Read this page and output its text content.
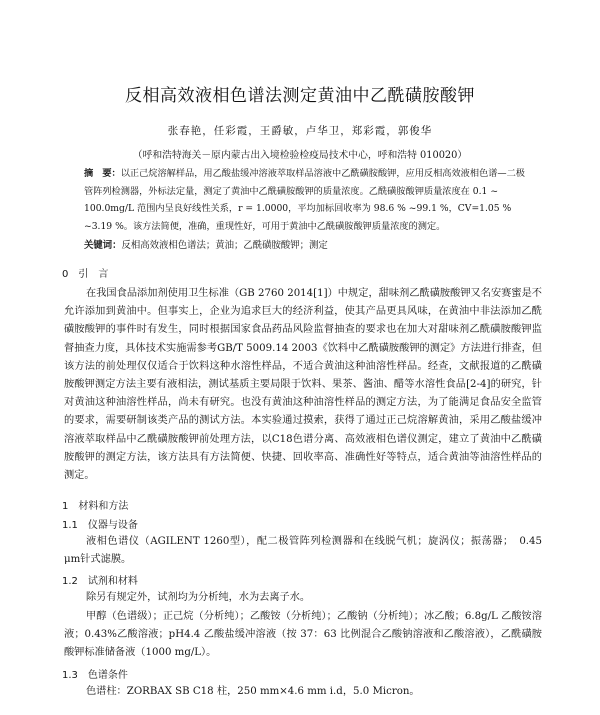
反相高效液相色谱法测定黄油中乙酰磺胺酸钾
张春艳，任彩霞，王爵敏，卢华卫，郑彩霞，郭俊华
（呼和浩特海关－原内蒙古出入境检验检疫局技术中心，呼和浩特 010020）
摘　要：以正己烷溶解样品，用乙酸盐缓冲溶液萃取样品溶液中乙酰磺胺酸钾，应用反相高效液相色谱—二极管阵列检测器，外标法定量，测定了黄油中乙酰磺胺酸钾的质量浓度。乙酰磺胺酸钾质量浓度在 0.1 ~ 100.0mg/L 范围内呈良好线性关系，r = 1.0000，平均加标回收率为 98.6 % ~99.1 %，CV=1.05 % ~3.19 %。该方法简便，准确，重现性好，可用于黄油中乙酰磺胺酸钾质量浓度的测定。
关键词：反相高效液相色谱法；黄油；乙酰磺胺酸钾；测定
0　引　言
在我国食品添加剂使用卫生标准（GB 2760 2014[1]）中规定，甜味剂乙酰磺胺酸钾又名安赛蜜是不允许添加到黄油中。但事实上，企业为追求巨大的经济利益，使其产品更具风味，在黄油中非法添加乙酰磺胺酸钾的事件时有发生，同时根据国家食品药品风险监督抽查的要求也在加大对甜味剂乙酰磺胺酸钾监督抽查力度，具体技术实施需参考GB/T 5009.14 2003《饮料中乙酰磺胺酸钾的测定》方法进行排查，但该方法的前处理仅仅适合于饮料这种水溶性样品，不适合黄油这种油溶性样品。经查，文献报道的乙酰磺胺酸钾测定方法主要有液相法，测试基质主要局限于饮料、果茶、酱油、醋等水溶性食品[2-4]的研究，针对黄油这种油溶性样品，尚未有研究。也没有黄油这种油溶性样品的测定方法，为了能满足食品安全监管的要求，需要研制该类产品的测试方法。本实验通过摸索，获得了通过正己烷溶解黄油，采用乙酸盐缓冲溶液萃取样品中乙酰磺胺酸钾前处理方法，以C18色谱分离、高效液相色谱仪测定，建立了黄油中乙酰磺胺酸钾的测定方法，该方法具有方法简便、快捷、回收率高、准确性好等特点，适合黄油等油溶性样品的测定。
1　材料和方法
1.1　仪器与设备
液相色谱仪（AGILENT 1260型），配二极管阵列检测器和在线脱气机；旋涡仪；振荡器；　0.45 μm针式滤膜。
1.2　试剂和材料
除另有规定外，试剂均为分析纯，水为去离子水。
甲醇（色谱级）；正己烷（分析纯）；乙酸铵（分析纯）；乙酸钠（分析纯）；冰乙酸；6.8g/L 乙酸铵溶液；0.43%乙酸溶液；pH4.4 乙酸盐缓冲溶液（按 37：63 比例混合乙酸钠溶液和乙酸溶液），乙酰磺胺酸钾标准储备液（1000 mg/L）。
1.3　色谱条件
色谱柱：ZORBAX SB C18 柱，250 mm×4.6 mm i.d，5.0 Micron。
